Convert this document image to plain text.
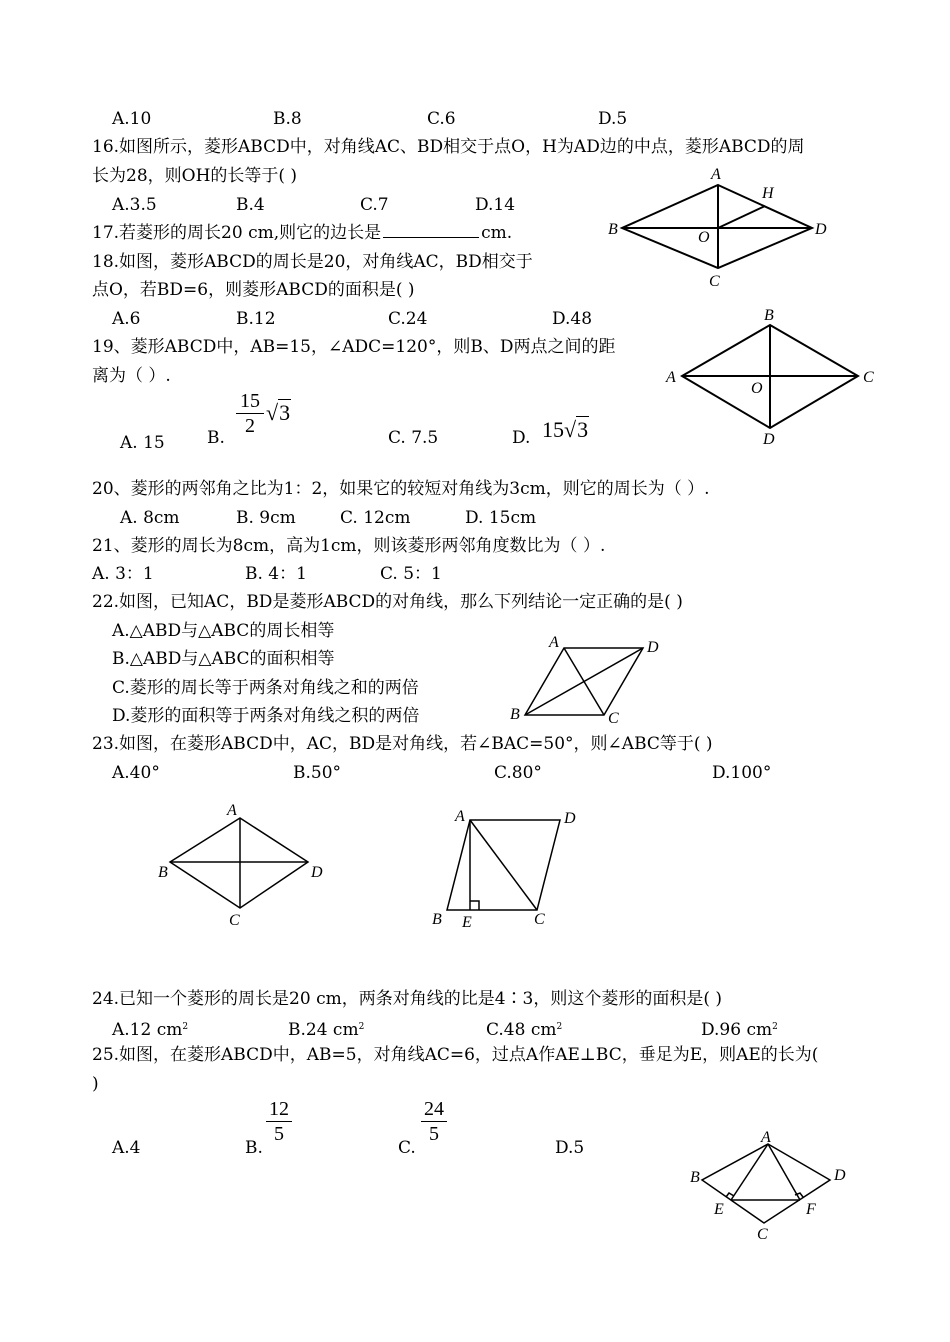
A.10	B.8	C.6	D.5
16.如图所示，菱形ABCD中，对角线AC、BD相交于点O，H为AD边的中点，菱形ABCD的周
长为28，则OH的长等于( )
A.3.5	B.4	C.7	D.14
A
H
B	O	D
C
17.若菱形的周长20 cm,则它的边长是	cm.
18.如图，菱形ABCD的周长是20，对角线AC，BD相交于
点O，若BD=6，则菱形ABCD的面积是( )
A.6	B.12	C.24	D.48	B
A
O
C
D
19、菱形ABCD中，AB=15，∠ADC=120°，则B、D两点之间的距
离为（ ）.
A. 15 B.
15
2
√3
C. 7.5	D. 15√3
20、菱形的两邻角之比为1：2，如果它的较短对角线为3cm，则它的周长为（ ）.
A. 8cm	B. 9cm	C. 12cm	D. 15cm
21、菱形的周长为8cm，高为1cm，则该菱形两邻角度数比为（ ）.
A. 3：1	B. 4：1	C. 5：1
22.如图，已知AC，BD是菱形ABCD的对角线，那么下列结论一定正确的是( )
A.△ABD与△ABC的周长相等
B.△ABD与△ABC的面积相等
C.菱形的周长等于两条对角线之和的两倍
D.菱形的面积等于两条对角线之积的两倍
A	D
B	C
23.如图，在菱形ABCD中，AC，BD是对角线，若∠BAC=50°，则∠ABC等于( )
A.40°	B.50°	C.80°	D.100°
A
B	D
C
A	D
B E	C
24.已知一个菱形的周长是20 cm，两条对角线的比是4∶3，则这个菱形的面积是( )
A.12 $cm^2$	B.24 $cm^2$	C.48 $cm^2$	D.96 $cm^2$
25.如图，在菱形ABCD中，AB=5，对角线AC=6，过点A作AE⊥BC，垂足为E，则AE的长为(
)
A.4	B.
12
5
C.
24
5
D.5
A
B	D
E	F
C
